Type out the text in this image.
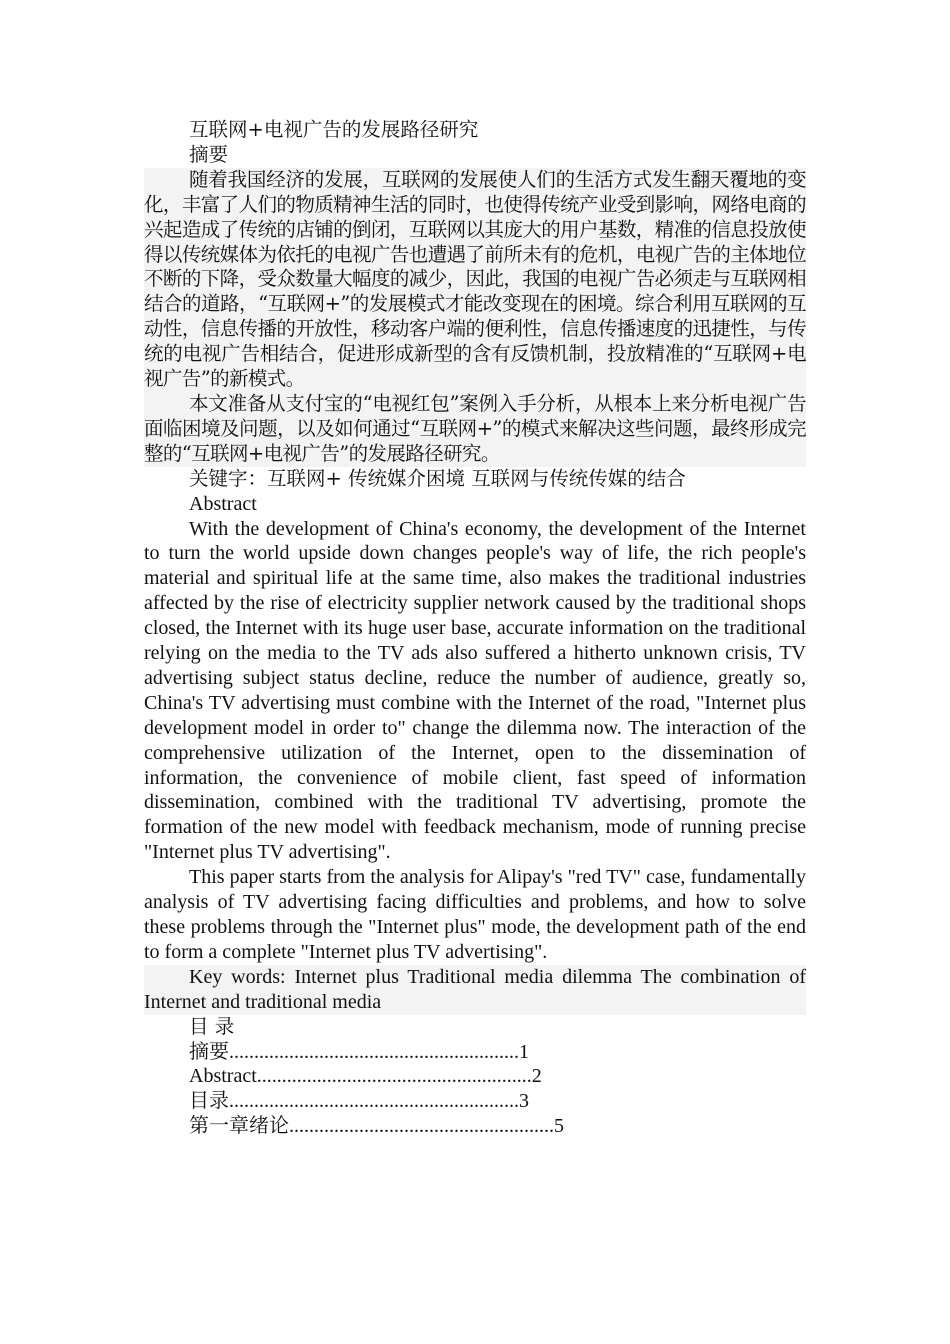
互联网+电视广告的发展路径研究

摘要

随着我国经济的发展，互联网的发展使人们的生活方式发生翻天覆地的变化，丰富了人们的物质精神生活的同时，也使得传统产业受到影响，网络电商的兴起造成了传统的店铺的倒闭，互联网以其庞大的用户基数，精准的信息投放使得以传统媒体为依托的电视广告也遭遇了前所未有的危机，电视广告的主体地位不断的下降，受众数量大幅度的减少，因此，我国的电视广告必须走与互联网相结合的道路，“互联网+”的发展模式才能改变现在的困境。综合利用互联网的互动性，信息传播的开放性，移动客户端的便利性，信息传播速度的迅捷性，与传统的电视广告相结合，促进形成新型的含有反馈机制，投放精准的“互联网+电视广告”的新模式。

本文准备从支付宝的“电视红包”案例入手分析，从根本上来分析电视广告面临困境及问题，以及如何通过“互联网+”的模式来解决这些问题，最终形成完整的“互联网+电视广告”的发展路径研究。

关键字：互联网+ 传统媒介困境 互联网与传统传媒的结合

Abstract

With the development of China's economy, the development of the Internet to turn the world upside down changes people's way of life, the rich people's material and spiritual life at the same time, also makes the traditional industries affected by the rise of electricity supplier network caused by the traditional shops closed, the Internet with its huge user base, accurate information on the traditional relying on the media to the TV ads also suffered a hitherto unknown crisis, TV advertising subject status decline, reduce the number of audience, greatly so, China's TV advertising must combine with the Internet of the road, "Internet plus development model in order to" change the dilemma now. The interaction of the comprehensive utilization of the Internet, open to the dissemination of information, the convenience of mobile client, fast speed of information dissemination, combined with the traditional TV advertising, promote the formation of the new model with feedback mechanism, mode of running precise "Internet plus TV advertising".

This paper starts from the analysis for Alipay's "red TV" case, fundamentally analysis of TV advertising facing difficulties and problems, and how to solve these problems through the "Internet plus" mode, the development path of the end to form a complete "Internet plus TV advertising".

Key words: Internet plus Traditional media dilemma The combination of Internet and traditional media

目 录

摘要..........................................................1

Abstract.......................................................2

目录..........................................................3

第一章绪论.....................................................5
